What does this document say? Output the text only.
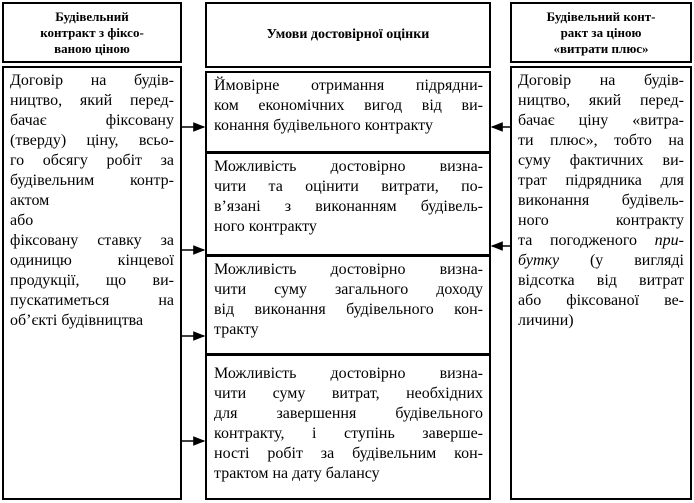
Будівельний
контракт з фіксо-
ваною ціною
Договір на будів-
ництво, який перед-
бачає фіксовану
(тверду) ціну, всьо-
го обсягу робіт за
будівельним контр-
актом
або
фіксовану ставку за
одиницю кінцевої
продукції, що ви-
пускатиметься на
об’єкті будівництва
Умови достовірної оцінки
Ймовірне отримання підрядни-
ком економічних вигод від ви-
конання будівельного контракту
Можливість достовірно визна-
чити та оцінити витрати, по-
в’язані з виконанням будівель-
ного контракту
Можливість достовірно визна-
чити суму загального доходу
від виконання будівельного кон-
тракту
Можливість достовірно визна-
чити суму витрат, необхідних
для завершення будівельного
контракту, і ступінь заверше-
ності робіт за будівельним кон-
трактом на дату балансу
Будівельний конт-
ракт за ціною
«витрати плюс»
Договір на будів-
ництво, який перед-
бачає ціну «витра-
ти плюс», тобто на
суму фактичних ви-
трат підрядника для
виконання будівель-
ного контракту
та погодженого при-
бутку (у вигляді
відсотка від витрат
або фіксованої ве-
личини)
